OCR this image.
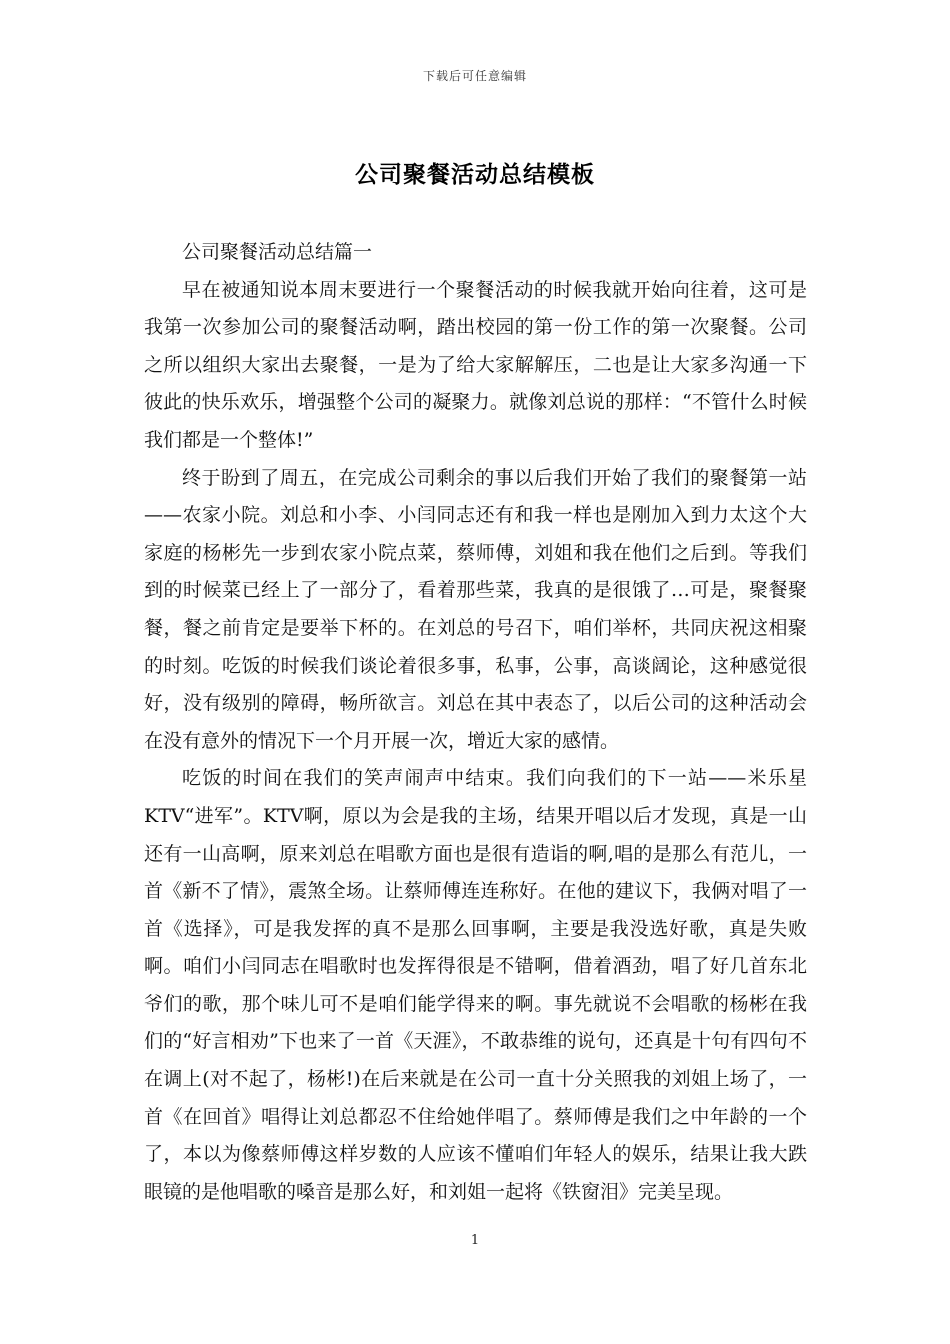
下载后可任意编辑
公司聚餐活动总结模板

公司聚餐活动总结篇一

早在被通知说本周末要进行一个聚餐活动的时候我就开始向往着，这可是我第一次参加公司的聚餐活动啊，踏出校园的第一份工作的第一次聚餐。公司之所以组织大家出去聚餐，一是为了给大家解解压，二也是让大家多沟通一下彼此的快乐欢乐，增强整个公司的凝聚力。就像刘总说的那样：“不管什么时候我们都是一个整体!”

终于盼到了周五，在完成公司剩余的事以后我们开始了我们的聚餐第一站——农家小院。刘总和小李、小闫同志还有和我一样也是刚加入到力太这个大家庭的杨彬先一步到农家小院点菜，蔡师傅，刘姐和我在他们之后到。等我们到的时候菜已经上了一部分了，看着那些菜，我真的是很饿了…可是，聚餐聚餐，餐之前肯定是要举下杯的。在刘总的号召下，咱们举杯，共同庆祝这相聚的时刻。吃饭的时候我们谈论着很多事，私事，公事，高谈阔论，这种感觉很好，没有级别的障碍，畅所欲言。刘总在其中表态了，以后公司的这种活动会在没有意外的情况下一个月开展一次，增近大家的感情。

吃饭的时间在我们的笑声闹声中结束。我们向我们的下一站——米乐星KTV“进军”。KTV啊，原以为会是我的主场，结果开唱以后才发现，真是一山还有一山高啊，原来刘总在唱歌方面也是很有造诣的啊,唱的是那么有范儿，一首《新不了情》，震煞全场。让蔡师傅连连称好。在他的建议下，我俩对唱了一首《选择》，可是我发挥的真不是那么回事啊，主要是我没选好歌，真是失败啊。咱们小闫同志在唱歌时也发挥得很是不错啊，借着酒劲，唱了好几首东北爷们的歌，那个味儿可不是咱们能学得来的啊。事先就说不会唱歌的杨彬在我们的“好言相劝”下也来了一首《天涯》，不敢恭维的说句，还真是十句有四句不在调上(对不起了，杨彬!)在后来就是在公司一直十分关照我的刘姐上场了，一首《在回首》唱得让刘总都忍不住给她伴唱了。蔡师傅是我们之中年龄的一个了，本以为像蔡师傅这样岁数的人应该不懂咱们年轻人的娱乐，结果让我大跌眼镜的是他唱歌的嗓音是那么好，和刘姐一起将《铁窗泪》完美呈现。

1
